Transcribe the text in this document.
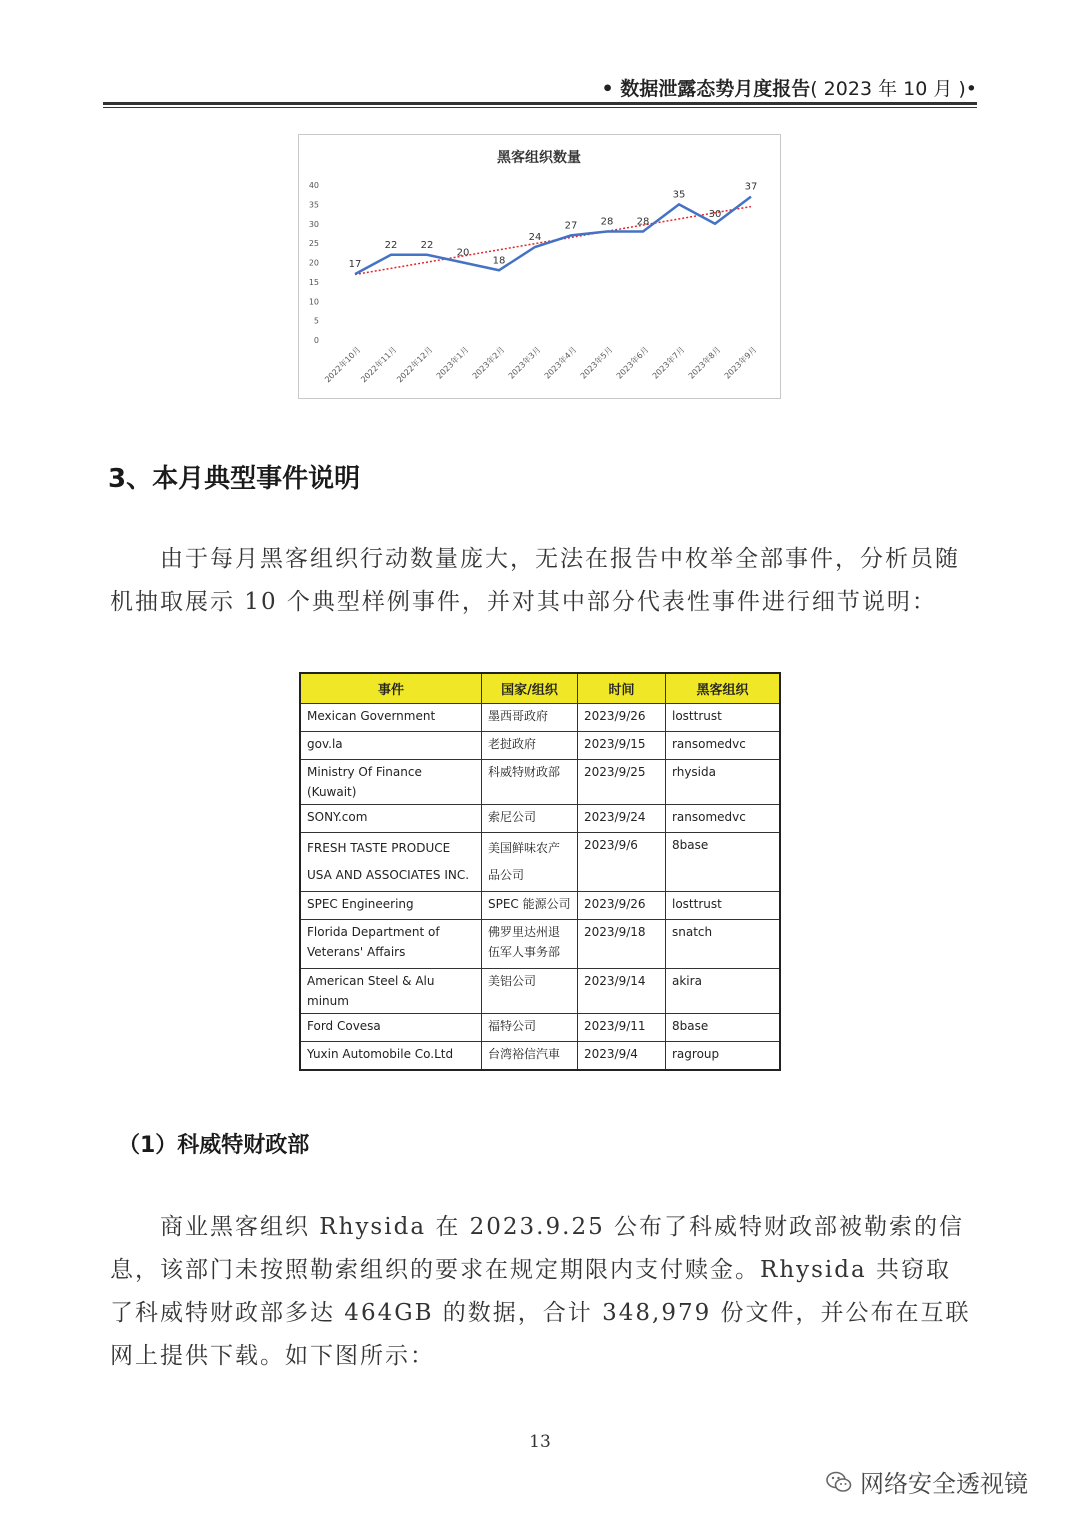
• 数据泄露态势月度报告( 2023 年 10 月 )•
黑客组织数量
0
5
10
15
20
25
30
35
40
2022年10月
2022年11月
2022年12月 2023年1月 2023年2月 2023年3月 2023年4月 2023年5月 2023年6月 2023年7月 2023年8月 2023年9月
17
22 22
20
18
24
27 28 28
35
30
37
3、本月典型事件说明

由于每月黑客组织行动数量庞大，无法在报告中枚举全部事件，分析员随机抽取展示 10 个典型样例事件，并对其中部分代表性事件进行细节说明：

事件	国家/组织	时间	黑客组织
Mexican Government	墨西哥政府	2023/9/26	losttrust
gov.la	老挝政府	2023/9/15	ransomedvc
Ministry Of Finance (Kuwait)	科威特财政部	2023/9/25	rhysida
SONY.com	索尼公司	2023/9/24	ransomedvc
FRESH TASTE PRODUCE USA AND ASSOCIATES INC.	美国鲜味农产品公司	2023/9/6	8base
SPEC Engineering	SPEC 能源公司	2023/9/26	losttrust
Florida Department of Veterans' Affairs	佛罗里达州退伍军人事务部	2023/9/18	snatch
American Steel & Alu minum	美铝公司	2023/9/14	akira
Ford Covesa	福特公司	2023/9/11	8base
Yuxin Automobile Co.Ltd	台湾裕信汽車	2023/9/4	ragroup
（1）科威特财政部

商业黑客组织 Rhysida 在 2023.9.25 公布了科威特财政部被勒索的信息，该部门未按照勒索组织的要求在规定期限内支付赎金。Rhysida 共窃取了科威特财政部多达 464GB 的数据，合计 348,979 份文件，并公布在互联网上提供下载。如下图所示：

13
网络安全透视镜
